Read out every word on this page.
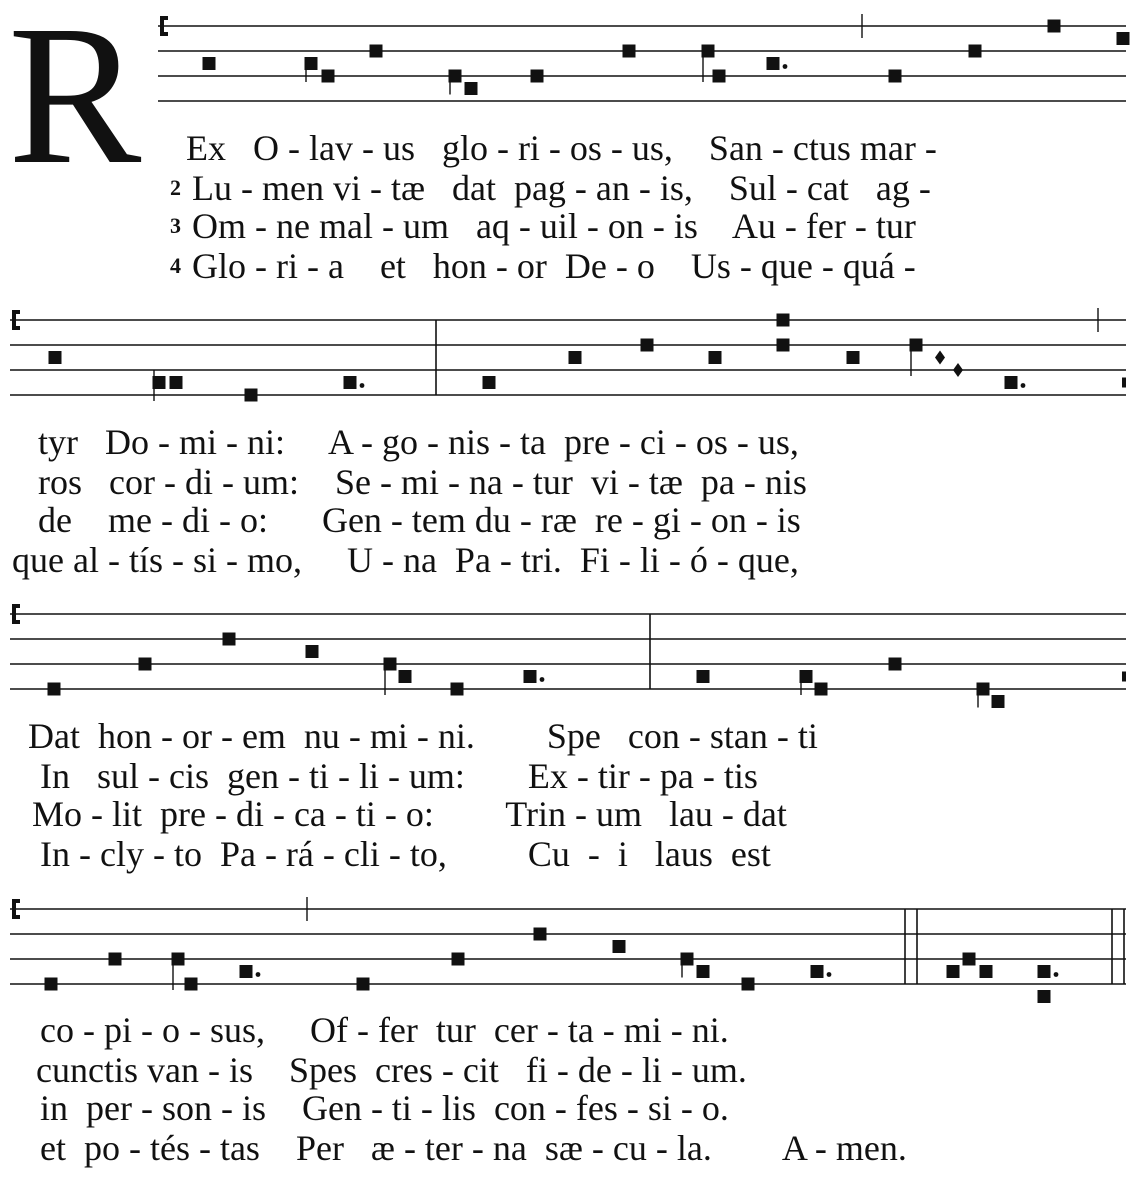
R Ex   O - lav - us   glo - ri - os - us,    San - ctus mar -
2 Lu - men vi - tæ   dat  pag - an - is,    Sul - cat   ag -
3 Om - ne mal - um   aq - uil - on - is    Au - fer - tur
4 Glo - ri - a    et   hon - or  De - o    Us - que - quá -
tyr   Do - mi - ni:     A - go - nis - ta  pre - ci - os - us,
ros   cor - di - um:    Se - mi - na - tur  vi - tæ  pa - nis
de    me - di - o:      Gen - tem du - ræ  re - gi - on - is
que al - tís - si - mo,     U - na  Pa - tri.  Fi - li - ó - que,
Dat  hon - or - em  nu - mi - ni.        Spe   con - stan - ti
In   sul - cis  gen - ti - li - um:       Ex - tir - pa - tis
Mo - lit  pre - di - ca - ti - o:        Trin - um   lau - dat
In - cly - to  Pa - rá - cli - to,         Cu  -  i   laus  est
co - pi - o - sus,     Of - fer  tur  cer - ta - mi - ni.
cunctis van - is    Spes  cres - cit   fi - de - li - um.
in  per - son - is    Gen - ti - lis  con - fes - si - o.
et  po - tés - tas    Per   æ - ter - na  sæ - cu - la.        A - men.
